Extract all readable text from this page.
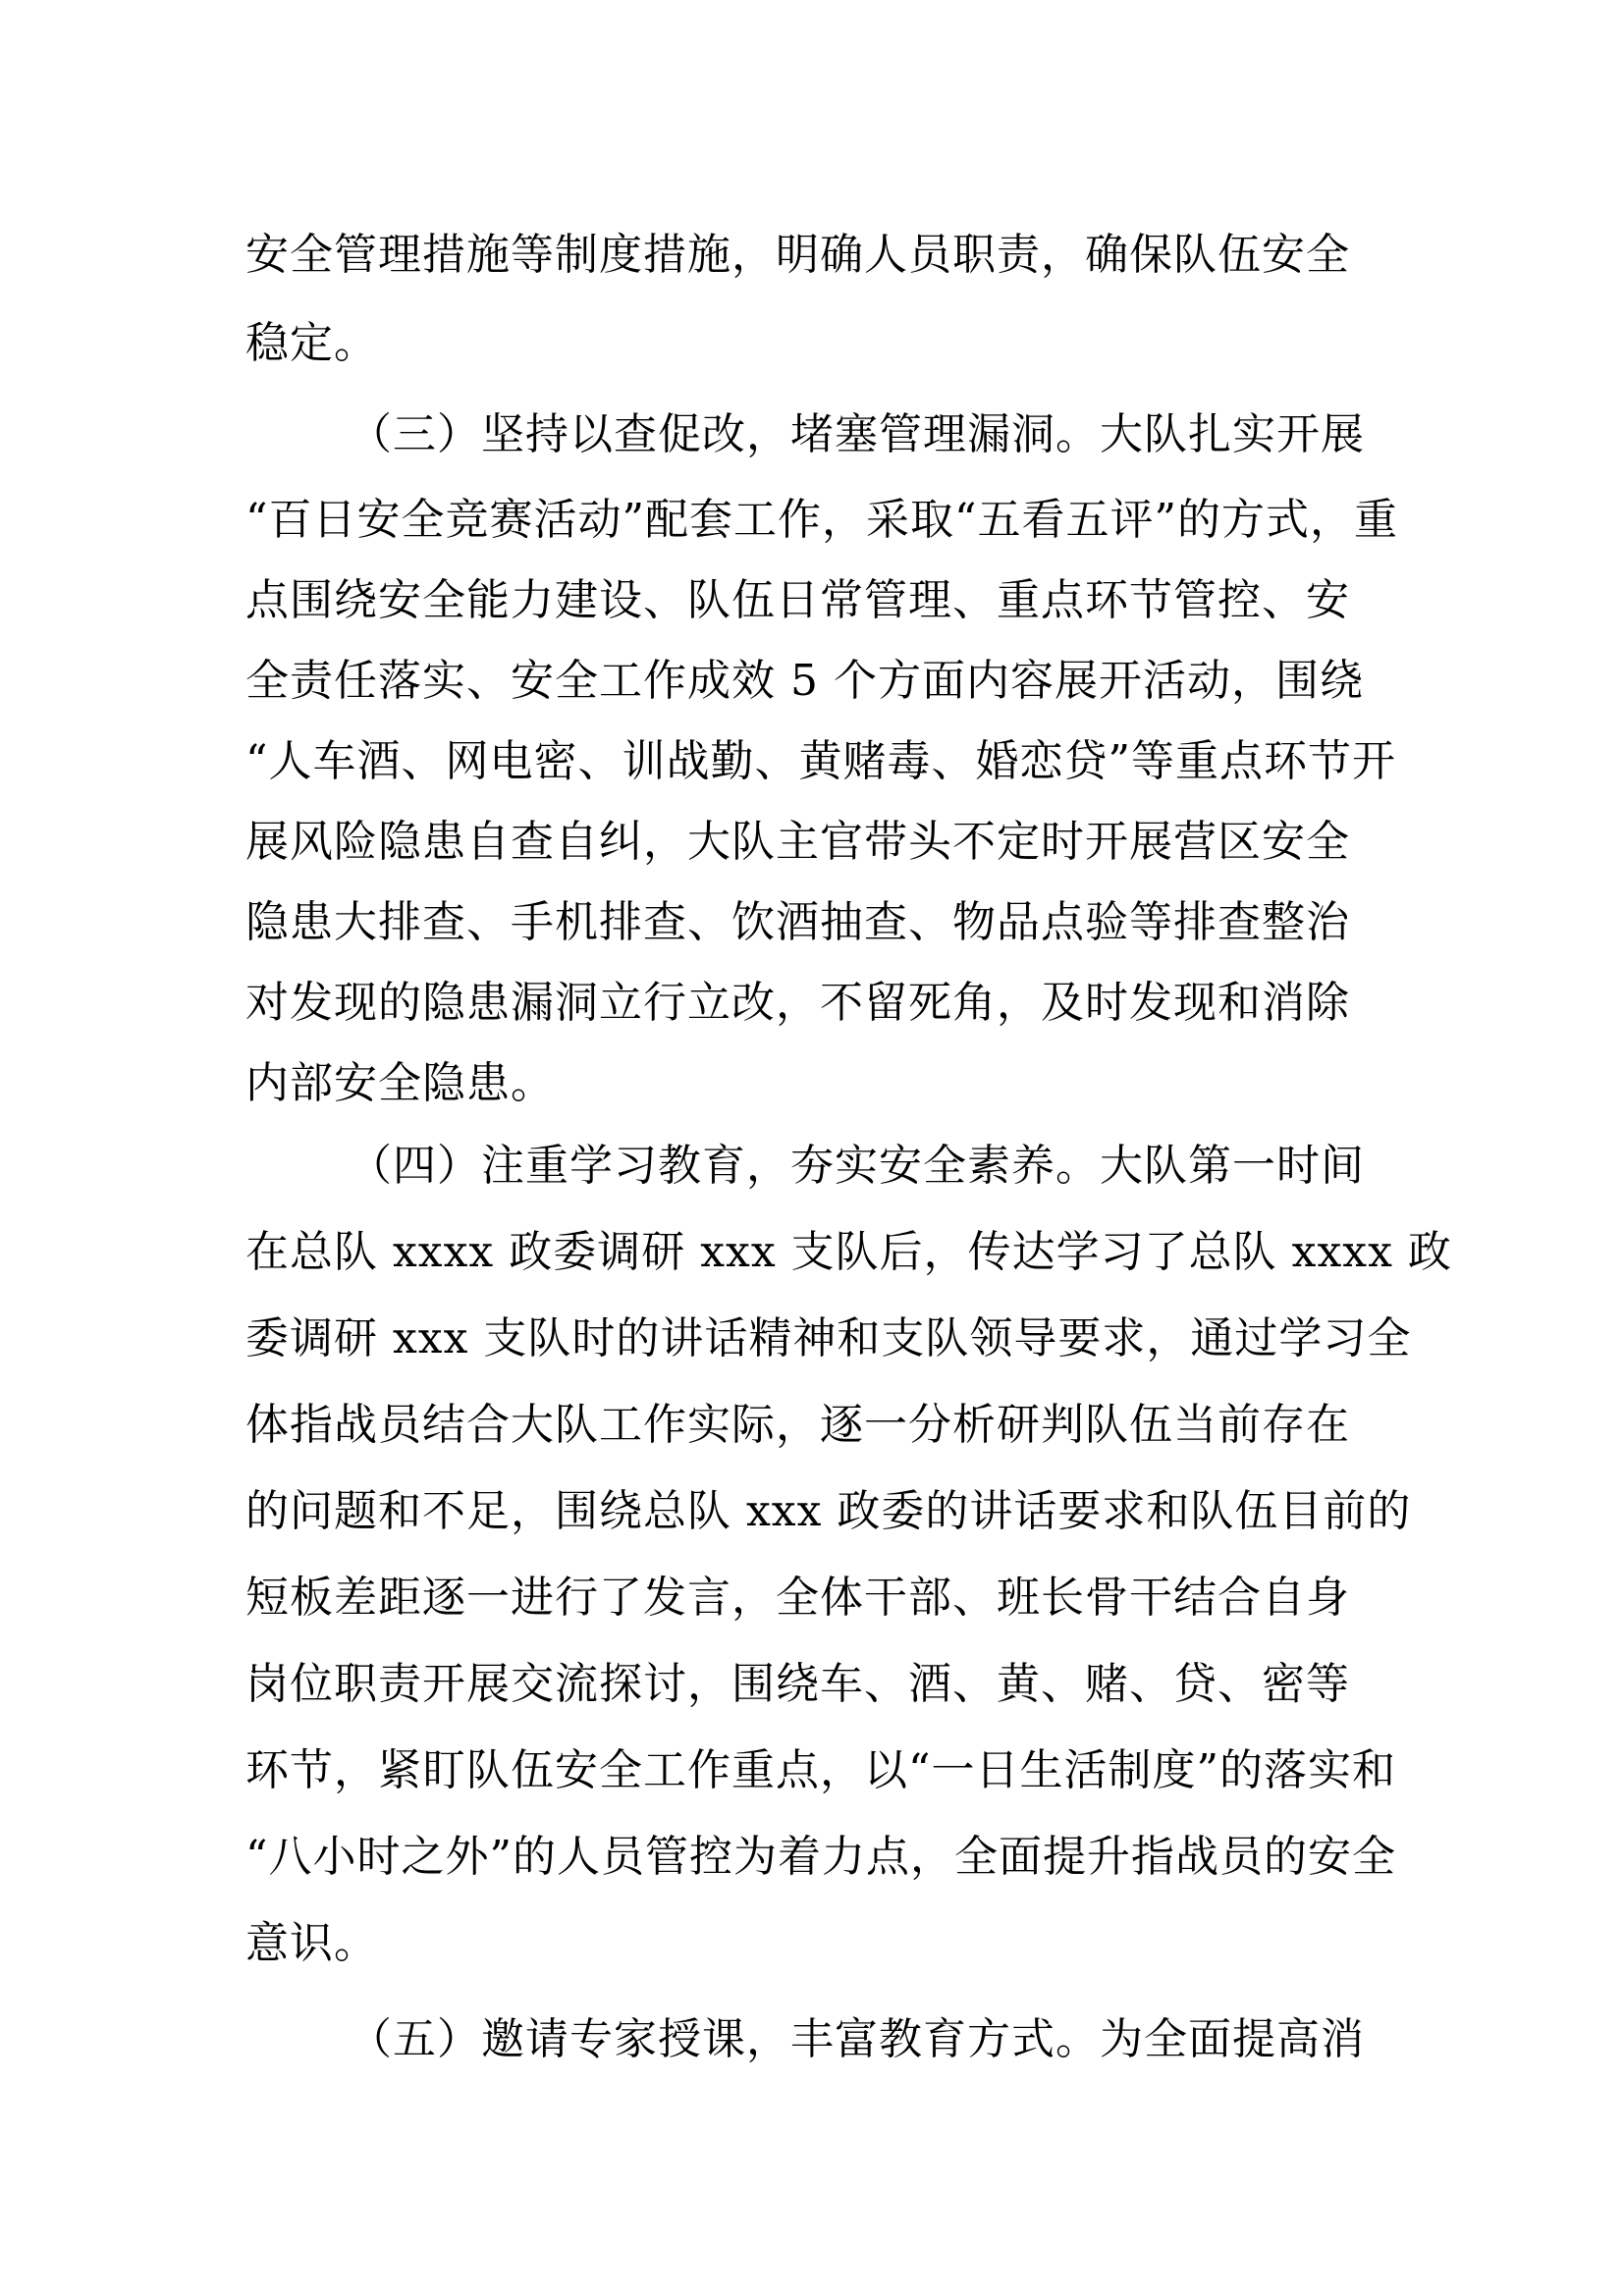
安全管理措施等制度措施，明确人员职责，确保队伍安全
稳定。
（三）坚持以查促改，堵塞管理漏洞。大队扎实开展
“百日安全竞赛活动”配套工作，采取“五看五评”的方式，重
点围绕安全能力建设、队伍日常管理、重点环节管控、安
全责任落实、安全工作成效 5 个方面内容展开活动，围绕
“人车酒、网电密、训战勤、黄赌毒、婚恋贷”等重点环节开
展风险隐患自查自纠，大队主官带头不定时开展营区安全
隐患大排查、手机排查、饮酒抽查、物品点验等排查整治
对发现的隐患漏洞立行立改，不留死角，及时发现和消除
内部安全隐患。
（四）注重学习教育，夯实安全素养。大队第一时间
在总队 xxxx 政委调研 xxx 支队后，传达学习了总队 xxxx 政
委调研 xxx 支队时的讲话精神和支队领导要求，通过学习全
体指战员结合大队工作实际，逐一分析研判队伍当前存在
的问题和不足，围绕总队 xxx 政委的讲话要求和队伍目前的
短板差距逐一进行了发言，全体干部、班长骨干结合自身
岗位职责开展交流探讨，围绕车、酒、黄、赌、贷、密等
环节，紧盯队伍安全工作重点，以“一日生活制度”的落实和
“八小时之外”的人员管控为着力点，全面提升指战员的安全
意识。
（五）邀请专家授课，丰富教育方式。为全面提高消
